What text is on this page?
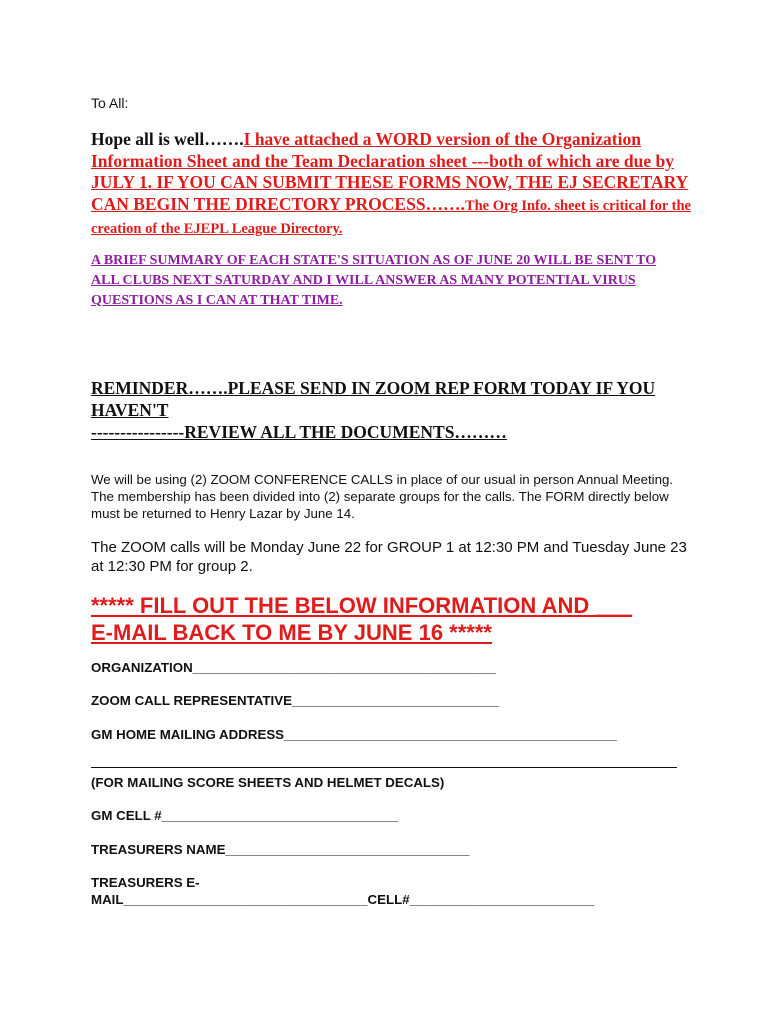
To All:
Hope all is well…….I have attached a WORD version of the Organization Information Sheet and the Team Declaration sheet ---both of which are due by JULY 1. IF YOU CAN SUBMIT THESE FORMS NOW, THE EJ SECRETARY CAN BEGIN THE DIRECTORY PROCESS…….The Org Info. sheet is critical for the creation of the EJEPL League Directory.
A BRIEF SUMMARY OF EACH STATE'S SITUATION AS OF JUNE 20 WILL BE SENT TO ALL CLUBS NEXT SATURDAY AND I WILL ANSWER AS MANY POTENTIAL VIRUS QUESTIONS AS I CAN AT THAT TIME.
REMINDER…….PLEASE SEND IN ZOOM REP FORM TODAY IF YOU HAVEN'T
----------------REVIEW ALL THE DOCUMENTS………
We will be using (2) ZOOM CONFERENCE CALLS in place of our usual in person Annual Meeting. The membership has been divided into (2) separate groups for the calls. The FORM directly below must be returned to Henry Lazar by June 14.
The ZOOM calls will be Monday June 22 for GROUP 1 at 12:30 PM and Tuesday June 23 at 12:30 PM for group 2.
***** FILL OUT THE BELOW INFORMATION AND ___
E-MAIL BACK TO ME BY JUNE 16 *****
ORGANIZATION_________________________________________
ZOOM CALL REPRESENTATIVE____________________________
GM HOME MAILING ADDRESS_____________________________________________
(FOR MAILING SCORE SHEETS AND HELMET DECALS)
GM CELL #________________________________
TREASURERS NAME_________________________________
TREASURERS E-
MAIL_________________________________CELL#_________________________
